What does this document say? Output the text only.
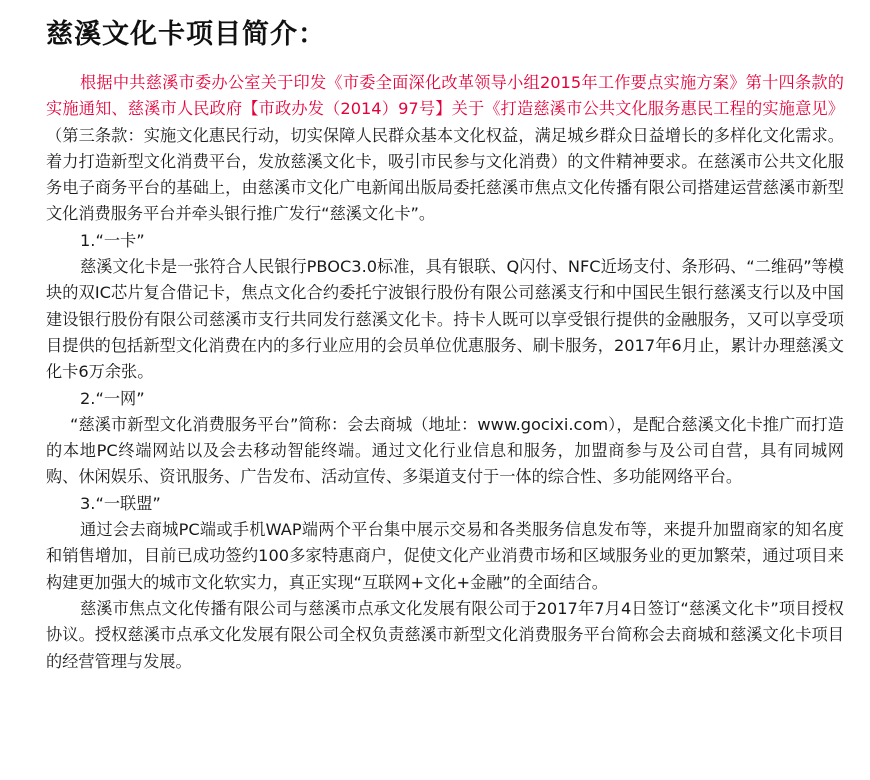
慈溪文化卡项目简介：

根据中共慈溪市委办公室关于印发《市委全面深化改革领导小组2015年工作要点实施方案》第十四条款的实施通知、慈溪市人民政府【市政办发（2014）97号】关于《打造慈溪市公共文化服务惠民工程的实施意见》（第三条款：实施文化惠民行动，切实保障人民群众基本文化权益，满足城乡群众日益增长的多样化文化需求。着力打造新型文化消费平台，发放慈溪文化卡，吸引市民参与文化消费）的文件精神要求。在慈溪市公共文化服务电子商务平台的基础上，由慈溪市文化广电新闻出版局委托慈溪市焦点文化传播有限公司搭建运营慈溪市新型文化消费服务平台并牵头银行推广发行“慈溪文化卡”。

1.“一卡”

慈溪文化卡是一张符合人民银行PBOC3.0标准，具有银联、Q闪付、NFC近场支付、条形码、“二维码”等模块的双IC芯片复合借记卡，焦点文化合约委托宁波银行股份有限公司慈溪支行和中国民生银行慈溪支行以及中国建设银行股份有限公司慈溪市支行共同发行慈溪文化卡。持卡人既可以享受银行提供的金融服务，又可以享受项目提供的包括新型文化消费在内的多行业应用的会员单位优惠服务、刷卡服务，2017年6月止，累计办理慈溪文化卡6万余张。

2.“一网”

“慈溪市新型文化消费服务平台”简称：会去商城（地址：www.gocixi.com），是配合慈溪文化卡推广而打造的本地PC终端网站以及会去移动智能终端。通过文化行业信息和服务，加盟商参与及公司自营，具有同城网购、休闲娱乐、资讯服务、广告发布、活动宣传、多渠道支付于一体的综合性、多功能网络平台。

3.“一联盟”

通过会去商城PC端或手机WAP端两个平台集中展示交易和各类服务信息发布等，来提升加盟商家的知名度和销售增加，目前已成功签约100多家特惠商户，促使文化产业消费市场和区域服务业的更加繁荣，通过项目来构建更加强大的城市文化软实力，真正实现“互联网+文化+金融”的全面结合。

慈溪市焦点文化传播有限公司与慈溪市点承文化发展有限公司于2017年7月4日签订“慈溪文化卡”项目授权协议。授权慈溪市点承文化发展有限公司全权负责慈溪市新型文化消费服务平台简称会去商城和慈溪文化卡项目的经营管理与发展。
